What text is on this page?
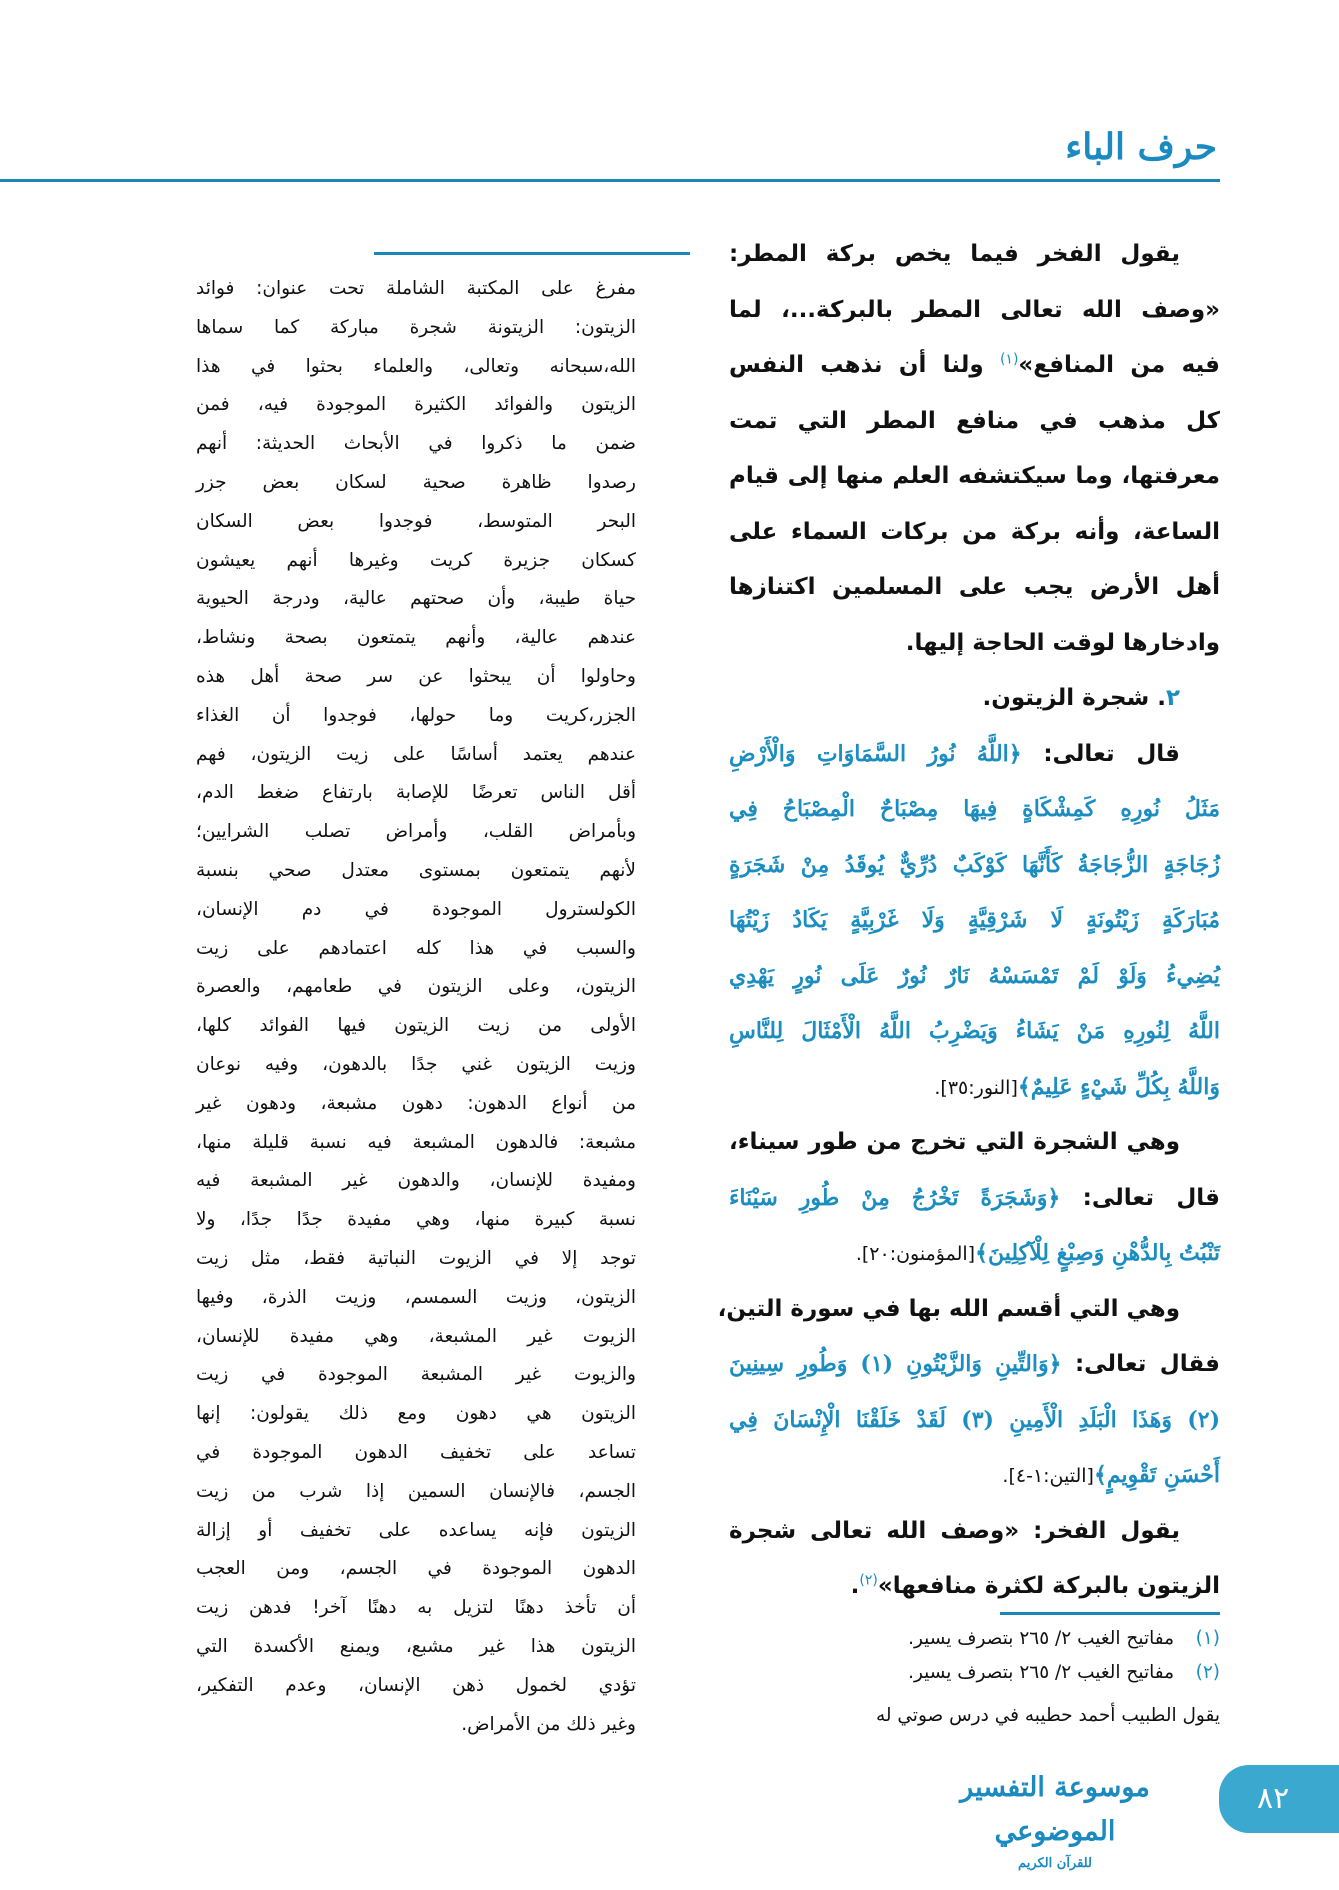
حرف الباء
يقول الفخر فيما يخص بركة المطر:
«وصف الله تعالى المطر بالبركة...، لما
فيه من المنافع»$^{(١)}$ ولنا أن نذهب النفس
كل مذهب في منافع المطر التي تمت
معرفتها، وما سيكتشفه العلم منها إلى قيام
الساعة، وأنه بركة من بركات السماء على
أهل الأرض يجب على المسلمين اكتنازها
وادخارها لوقت الحاجة إليها.
٢. شجرة الزيتون.
قال تعالى: ﴿اللَّهُ نُورُ السَّمَاوَاتِ وَالْأَرْضِ
مَثَلُ نُورِهِ كَمِشْكَاةٍ فِيهَا مِصْبَاحٌ الْمِصْبَاحُ فِي
زُجَاجَةٍ الزُّجَاجَةُ كَأَنَّهَا كَوْكَبٌ دُرِّيٌّ يُوقَدُ مِنْ شَجَرَةٍ
مُبَارَكَةٍ زَيْتُونَةٍ لَا شَرْقِيَّةٍ وَلَا غَرْبِيَّةٍ يَكَادُ زَيْتُهَا
يُضِيءُ وَلَوْ لَمْ تَمْسَسْهُ نَارٌ نُورٌ عَلَى نُورٍ يَهْدِي
اللَّهُ لِنُورِهِ مَنْ يَشَاءُ وَيَضْرِبُ اللَّهُ الْأَمْثَالَ لِلنَّاسِ
وَاللَّهُ بِكُلِّ شَيْءٍ عَلِيمٌ﴾[النور:٣٥].
وهي الشجرة التي تخرج من طور سيناء،
قال تعالى: ﴿وَشَجَرَةً تَخْرُجُ مِنْ طُورِ سَيْنَاءَ
تَنْبُتُ بِالدُّهْنِ وَصِبْغٍ لِلْآكِلِينَ﴾[المؤمنون:٢٠].
وهي التي أقسم الله بها في سورة التين،
فقال تعالى: ﴿وَالتِّينِ وَالزَّيْتُونِ (١) وَطُورِ سِينِينَ
(٢) وَهَذَا الْبَلَدِ الْأَمِينِ (٣) لَقَدْ خَلَقْنَا الْإِنْسَانَ فِي
أَحْسَنِ تَقْوِيمٍ﴾[التين:١-٤].
يقول الفخر: «وصف الله تعالى شجرة
الزيتون بالبركة لكثرة منافعها»$^{(٢)}$.
مفرغ على المكتبة الشاملة تحت عنوان: فوائد
الزيتون: الزيتونة شجرة مباركة كما سماها
الله،سبحانه وتعالى، والعلماء بحثوا في هذا
الزيتون والفوائد الكثيرة الموجودة فيه، فمن
ضمن ما ذكروا في الأبحاث الحديثة: أنهم
رصدوا ظاهرة صحية لسكان بعض جزر
البحر المتوسط، فوجدوا بعض السكان
كسكان جزيرة كريت وغيرها أنهم يعيشون
حياة طيبة، وأن صحتهم عالية، ودرجة الحيوية
عندهم عالية، وأنهم يتمتعون بصحة ونشاط،
وحاولوا أن يبحثوا عن سر صحة أهل هذه
الجزر،كريت وما حولها، فوجدوا أن الغذاء
عندهم يعتمد أساسًا على زيت الزيتون، فهم
أقل الناس تعرضًا للإصابة بارتفاع ضغط الدم،
وبأمراض القلب، وأمراض تصلب الشرايين؛
لأنهم يتمتعون بمستوى معتدل صحي بنسبة
الكولسترول الموجودة في دم الإنسان،
والسبب في هذا كله اعتمادهم على زيت
الزيتون، وعلى الزيتون في طعامهم، والعصرة
الأولى من زيت الزيتون فيها الفوائد كلها،
وزيت الزيتون غني جدًا بالدهون، وفيه نوعان
من أنواع الدهون: دهون مشبعة، ودهون غير
مشبعة: فالدهون المشبعة فيه نسبة قليلة منها،
ومفيدة للإنسان، والدهون غير المشبعة فيه
نسبة كبيرة منها، وهي مفيدة جدًا جدًا، ولا
توجد إلا في الزيوت النباتية فقط، مثل زيت
الزيتون، وزيت السمسم، وزيت الذرة، وفيها
الزيوت غير المشبعة، وهي مفيدة للإنسان،
والزيوت غير المشبعة الموجودة في زيت
الزيتون هي دهون ومع ذلك يقولون: إنها
تساعد على تخفيف الدهون الموجودة في
الجسم، فالإنسان السمين إذا شرب من زيت
الزيتون فإنه يساعده على تخفيف أو إزالة
الدهون الموجودة في الجسم، ومن العجب
أن تأخذ دهنًا لتزيل به دهنًا آخر! فدهن زيت
الزيتون هذا غير مشبع، ويمنع الأكسدة التي
تؤدي لخمول ذهن الإنسان، وعدم التفكير،
وغير ذلك من الأمراض.
(١)مفاتيح الغيب ٢/ ٢٦٥ بتصرف يسير.
(٢)مفاتيح الغيب ٢/ ٢٦٥ بتصرف يسير.
يقول الطبيب أحمد حطيبه في درس صوتي له
موسوعة التفسير الموضوعي
للقرآن الكريم
٨٢
